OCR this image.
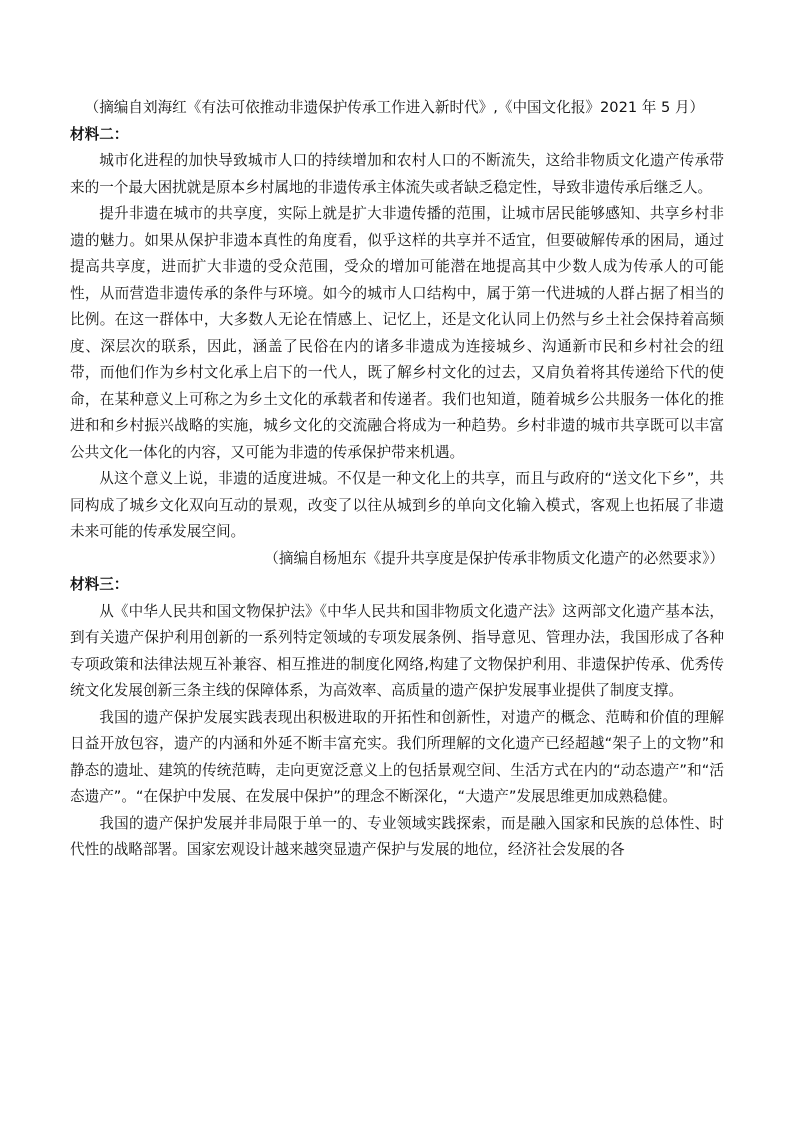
（摘编自刘海红《有法可依推动非遗保护传承工作进入新时代》,《中国文化报》2021 年 5 月）

材料二：

城市化进程的加快导致城市人口的持续增加和农村人口的不断流失，这给非物质文化遗产传承带来的一个最大困扰就是原本乡村属地的非遗传承主体流失或者缺乏稳定性，导致非遗传承后继乏人。

提升非遗在城市的共享度，实际上就是扩大非遗传播的范围，让城市居民能够感知、共享乡村非遗的魅力。如果从保护非遗本真性的角度看，似乎这样的共享并不适宜，但要破解传承的困局，通过提高共享度，进而扩大非遗的受众范围，受众的增加可能潜在地提高其中少数人成为传承人的可能性，从而营造非遗传承的条件与环境。如今的城市人口结构中，属于第一代进城的人群占据了相当的比例。在这一群体中，大多数人无论在情感上、记忆上，还是文化认同上仍然与乡土社会保持着高频度、深层次的联系，因此，涵盖了民俗在内的诸多非遗成为连接城乡、沟通新市民和乡村社会的纽带，而他们作为乡村文化承上启下的一代人，既了解乡村文化的过去，又肩负着将其传递给下代的使命，在某种意义上可称之为乡土文化的承载者和传递者。我们也知道，随着城乡公共服务一体化的推进和和乡村振兴战略的实施，城乡文化的交流融合将成为一种趋势。乡村非遗的城市共享既可以丰富公共文化一体化的内容，又可能为非遗的传承保护带来机遇。

从这个意义上说，非遗的适度进城。不仅是一种文化上的共享，而且与政府的“送文化下乡”，共同构成了城乡文化双向互动的景观，改变了以往从城到乡的单向文化输入模式，客观上也拓展了非遗未来可能的传承发展空间。

（摘编自杨旭东《提升共享度是保护传承非物质文化遗产的必然要求》）

材料三：

从《中华人民共和国文物保护法》《中华人民共和国非物质文化遗产法》这两部文化遗产基本法，到有关遗产保护利用创新的一系列特定领域的专项发展条例、指导意见、管理办法，我国形成了各种专项政策和法律法规互补兼容、相互推进的制度化网络,构建了文物保护利用、非遗保护传承、优秀传统文化发展创新三条主线的保障体系，为高效率、高质量的遗产保护发展事业提供了制度支撑。

我国的遗产保护发展实践表现出积极进取的开拓性和创新性，对遗产的概念、范畴和价值的理解日益开放包容，遗产的内涵和外延不断丰富充实。我们所理解的文化遗产已经超越“架子上的文物”和静态的遗址、建筑的传统范畴，走向更宽泛意义上的包括景观空间、生活方式在内的“动态遗产”和“活态遗产”。“在保护中发展、在发展中保护”的理念不断深化，“大遗产”发展思维更加成熟稳健。

我国的遗产保护发展并非局限于单一的、专业领域实践探索，而是融入国家和民族的总体性、时代性的战略部署。国家宏观设计越来越突显遗产保护与发展的地位，经济社会发展的各
